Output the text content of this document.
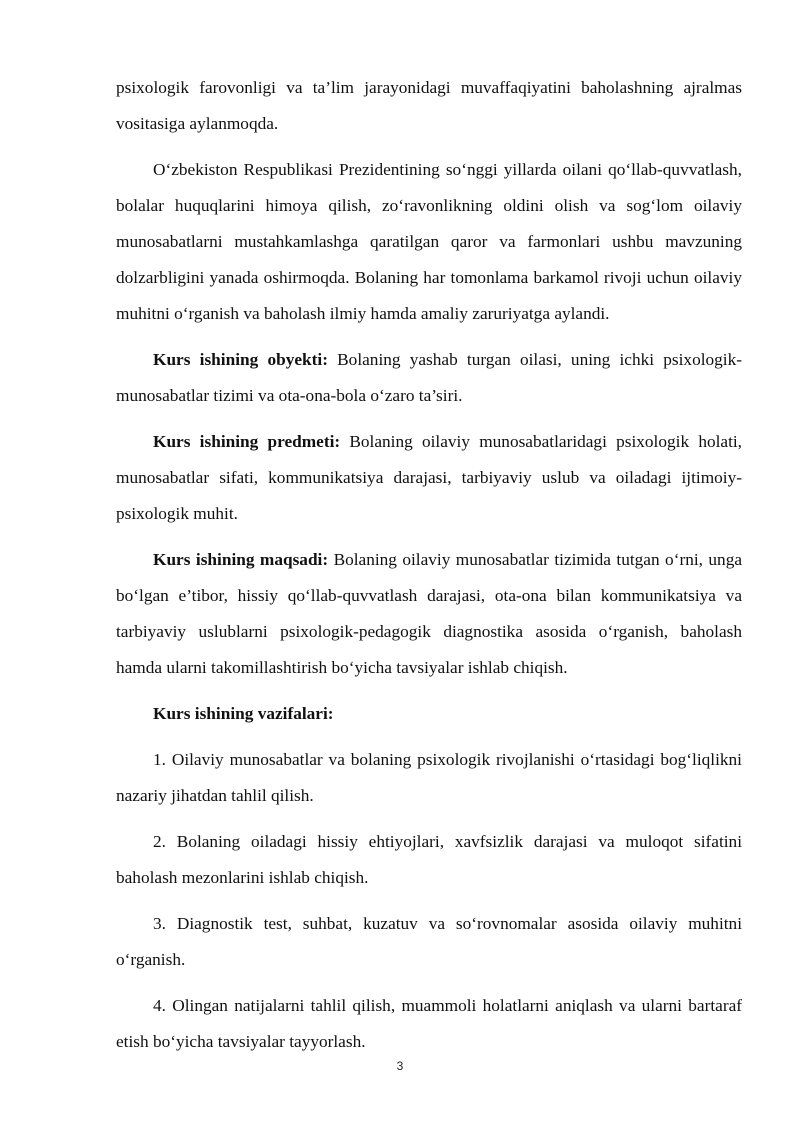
psixologik farovonligi va ta’lim jarayonidagi muvaffaqiyatini baholashning ajralmas vositasiga aylanmoqda.

O‘zbekiston Respublikasi Prezidentining so‘nggi yillarda oilani qo‘llab-quvvatlash, bolalar huquqlarini himoya qilish, zo‘ravonlikning oldini olish va sog‘lom oilaviy munosabatlarni mustahkamlashga qaratilgan qaror va farmonlari ushbu mavzuning dolzarbligini yanada oshirmoqda. Bolaning har tomonlama barkamol rivoji uchun oilaviy muhitni o‘rganish va baholash ilmiy hamda amaliy zaruriyatga aylandi.

Kurs ishining obyekti: Bolaning yashab turgan oilasi, uning ichki psixologik-munosabatlar tizimi va ota-ona-bola o‘zaro ta’siri.

Kurs ishining predmeti: Bolaning oilaviy munosabatlaridagi psixologik holati, munosabatlar sifati, kommunikatsiya darajasi, tarbiyaviy uslub va oiladagi ijtimoiy-psixologik muhit.

Kurs ishining maqsadi: Bolaning oilaviy munosabatlar tizimida tutgan o‘rni, unga bo‘lgan e’tibor, hissiy qo‘llab-quvvatlash darajasi, ota-ona bilan kommunikatsiya va tarbiyaviy uslublarni psixologik-pedagogik diagnostika asosida o‘rganish, baholash hamda ularni takomillashtirish bo‘yicha tavsiyalar ishlab chiqish.

Kurs ishining vazifalari:

1. Oilaviy munosabatlar va bolaning psixologik rivojlanishi o‘rtasidagi bog‘liqlikni nazariy jihatdan tahlil qilish.

2. Bolaning oiladagi hissiy ehtiyojlari, xavfsizlik darajasi va muloqot sifatini baholash mezonlarini ishlab chiqish.

3. Diagnostik test, suhbat, kuzatuv va so‘rovnomalar asosida oilaviy muhitni o‘rganish.

4. Olingan natijalarni tahlil qilish, muammoli holatlarni aniqlash va ularni bartaraf etish bo‘yicha tavsiyalar tayyorlash.

3
